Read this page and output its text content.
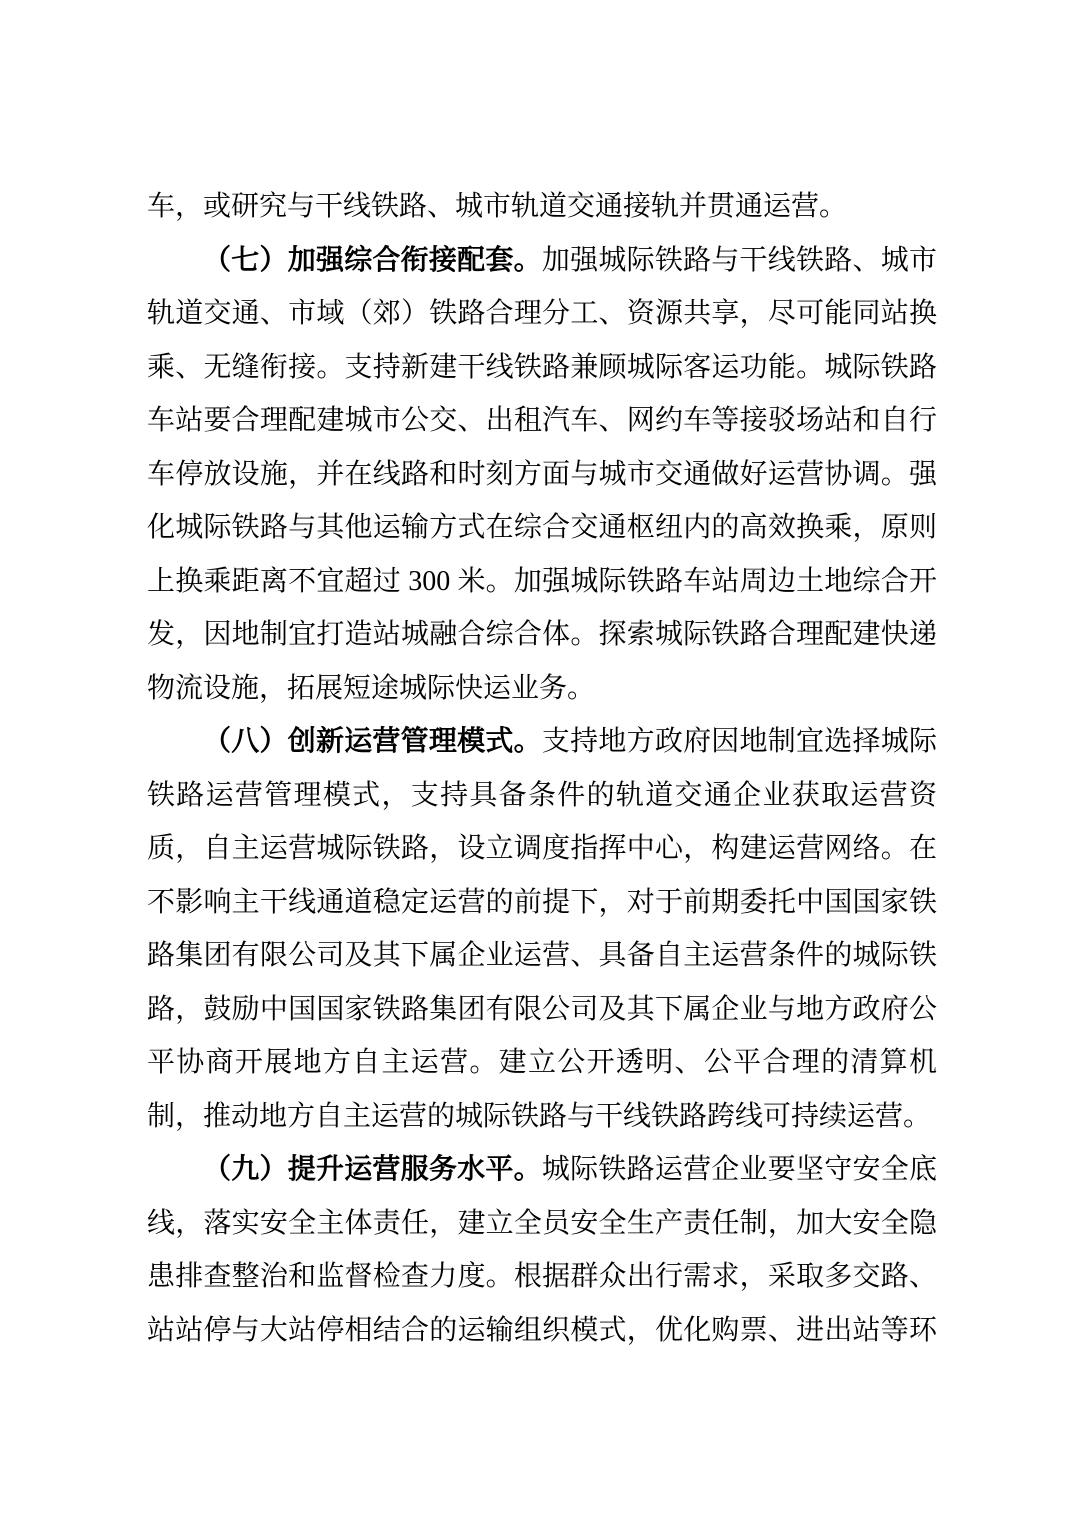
车，或研究与干线铁路、城市轨道交通接轨并贯通运营。
（七）加强综合衔接配套。加强城际铁路与干线铁路、城市
轨道交通、市域（郊）铁路合理分工、资源共享，尽可能同站换
乘、无缝衔接。支持新建干线铁路兼顾城际客运功能。城际铁路
车站要合理配建城市公交、出租汽车、网约车等接驳场站和自行
车停放设施，并在线路和时刻方面与城市交通做好运营协调。强
化城际铁路与其他运输方式在综合交通枢纽内的高效换乘，原则
上换乘距离不宜超过 300 米。加强城际铁路车站周边土地综合开
发，因地制宜打造站城融合综合体。探索城际铁路合理配建快递
物流设施，拓展短途城际快运业务。
（八）创新运营管理模式。支持地方政府因地制宜选择城际
铁路运营管理模式，支持具备条件的轨道交通企业获取运营资
质，自主运营城际铁路，设立调度指挥中心，构建运营网络。在
不影响主干线通道稳定运营的前提下，对于前期委托中国国家铁
路集团有限公司及其下属企业运营、具备自主运营条件的城际铁
路，鼓励中国国家铁路集团有限公司及其下属企业与地方政府公
平协商开展地方自主运营。建立公开透明、公平合理的清算机
制，推动地方自主运营的城际铁路与干线铁路跨线可持续运营。
（九）提升运营服务水平。城际铁路运营企业要坚守安全底
线，落实安全主体责任，建立全员安全生产责任制，加大安全隐
患排查整治和监督检查力度。根据群众出行需求，采取多交路、
站站停与大站停相结合的运输组织模式，优化购票、进出站等环
